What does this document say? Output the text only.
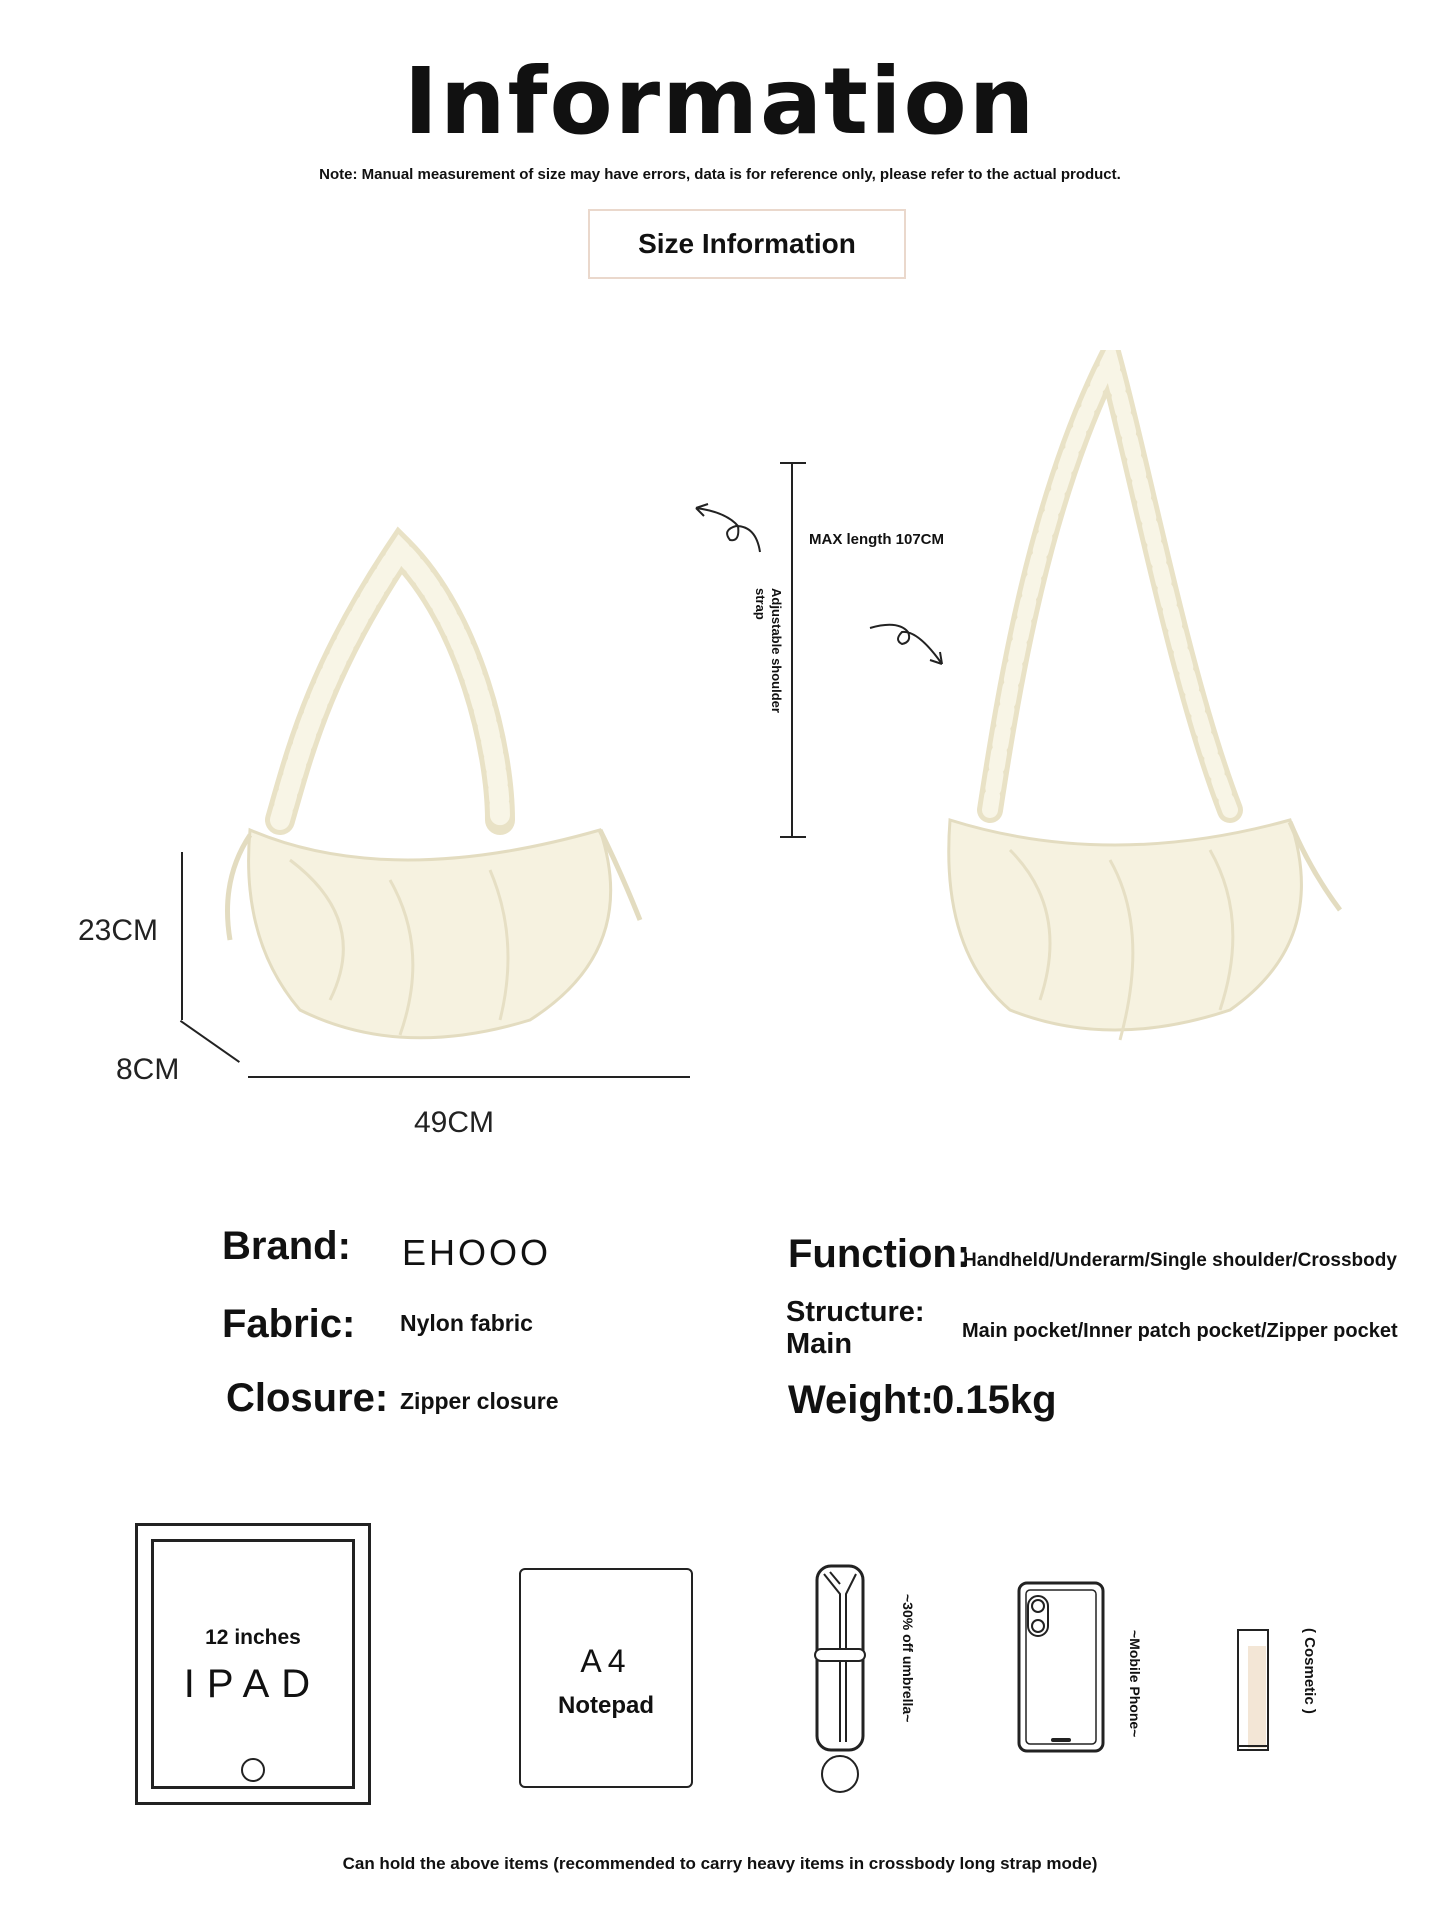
Information
Note: Manual measurement of size may have errors, data is for reference only, please refer to the actual product.
Size Information
23CM
8CM
49CM
MAX length 107CM
Adjustable shoulder strap
Brand: EHOOO
Fabric: Nylon fabric
Closure: Zipper closure
Function:
Handheld/Underarm/Single shoulder/Crossbody
Structure:
Main	Main pocket/Inner patch pocket/Zipper pocket
Weight:
0.15kg
12 inches
IPAD
A4
Notepad	~30% off umbrella~	~Mobile Phone~	( Cosmetic )
Can hold the above items (recommended to carry heavy items in crossbody long strap mode)
